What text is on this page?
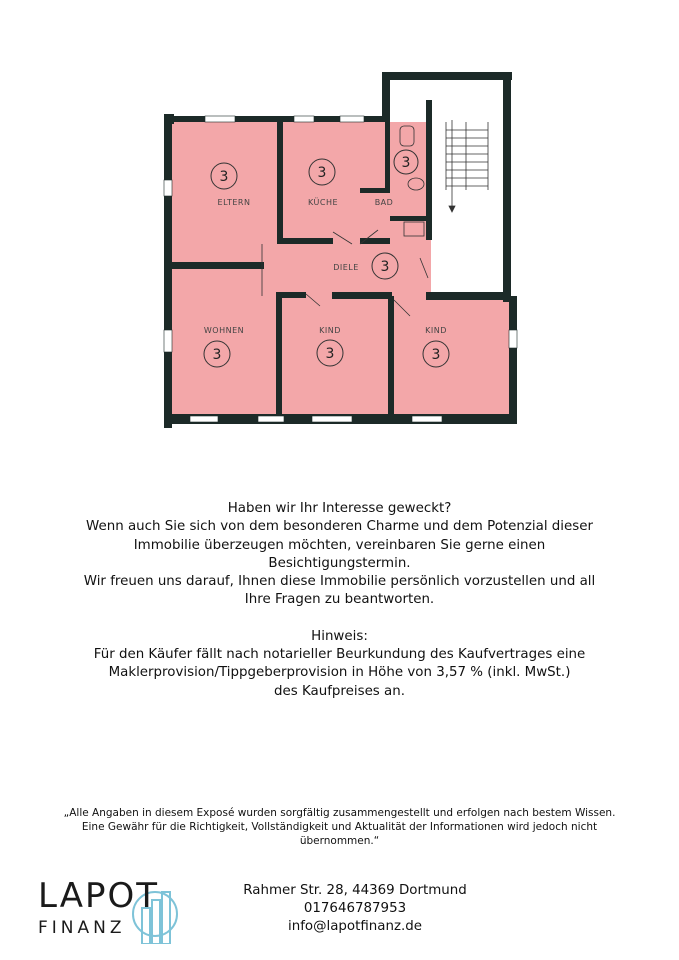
3
ELTERN
3
KÜCHE
3
BAD
DIELE 3
WOHNEN
3
KIND
3
KIND
3

Haben wir Ihr Interesse geweckt?

Wenn auch Sie sich von dem besonderen Charme und dem Potenzial dieser

Immobilie überzeugen möchten, vereinbaren Sie gerne einen

Besichtigungstermin.

Wir freuen uns darauf, Ihnen diese Immobilie persönlich vorzustellen und all

Ihre Fragen zu beantworten.

Hinweis:

Für den Käufer fällt nach notarieller Beurkundung des Kaufvertrages eine

Maklerprovision/Tippgeberprovision in Höhe von 3,57 % (inkl. MwSt.)

des Kaufpreises an.

„Alle Angaben in diesem Exposé wurden sorgfältig zusammengestellt und erfolgen nach bestem Wissen.
Eine Gewähr für die Richtigkeit, Vollständigkeit und Aktualität der Informationen wird jedoch nicht
übernommen.“
LAPOT
FINANZ
Rahmer Str. 28, 44369 Dortmund
017646787953
info@lapotfinanz.de
